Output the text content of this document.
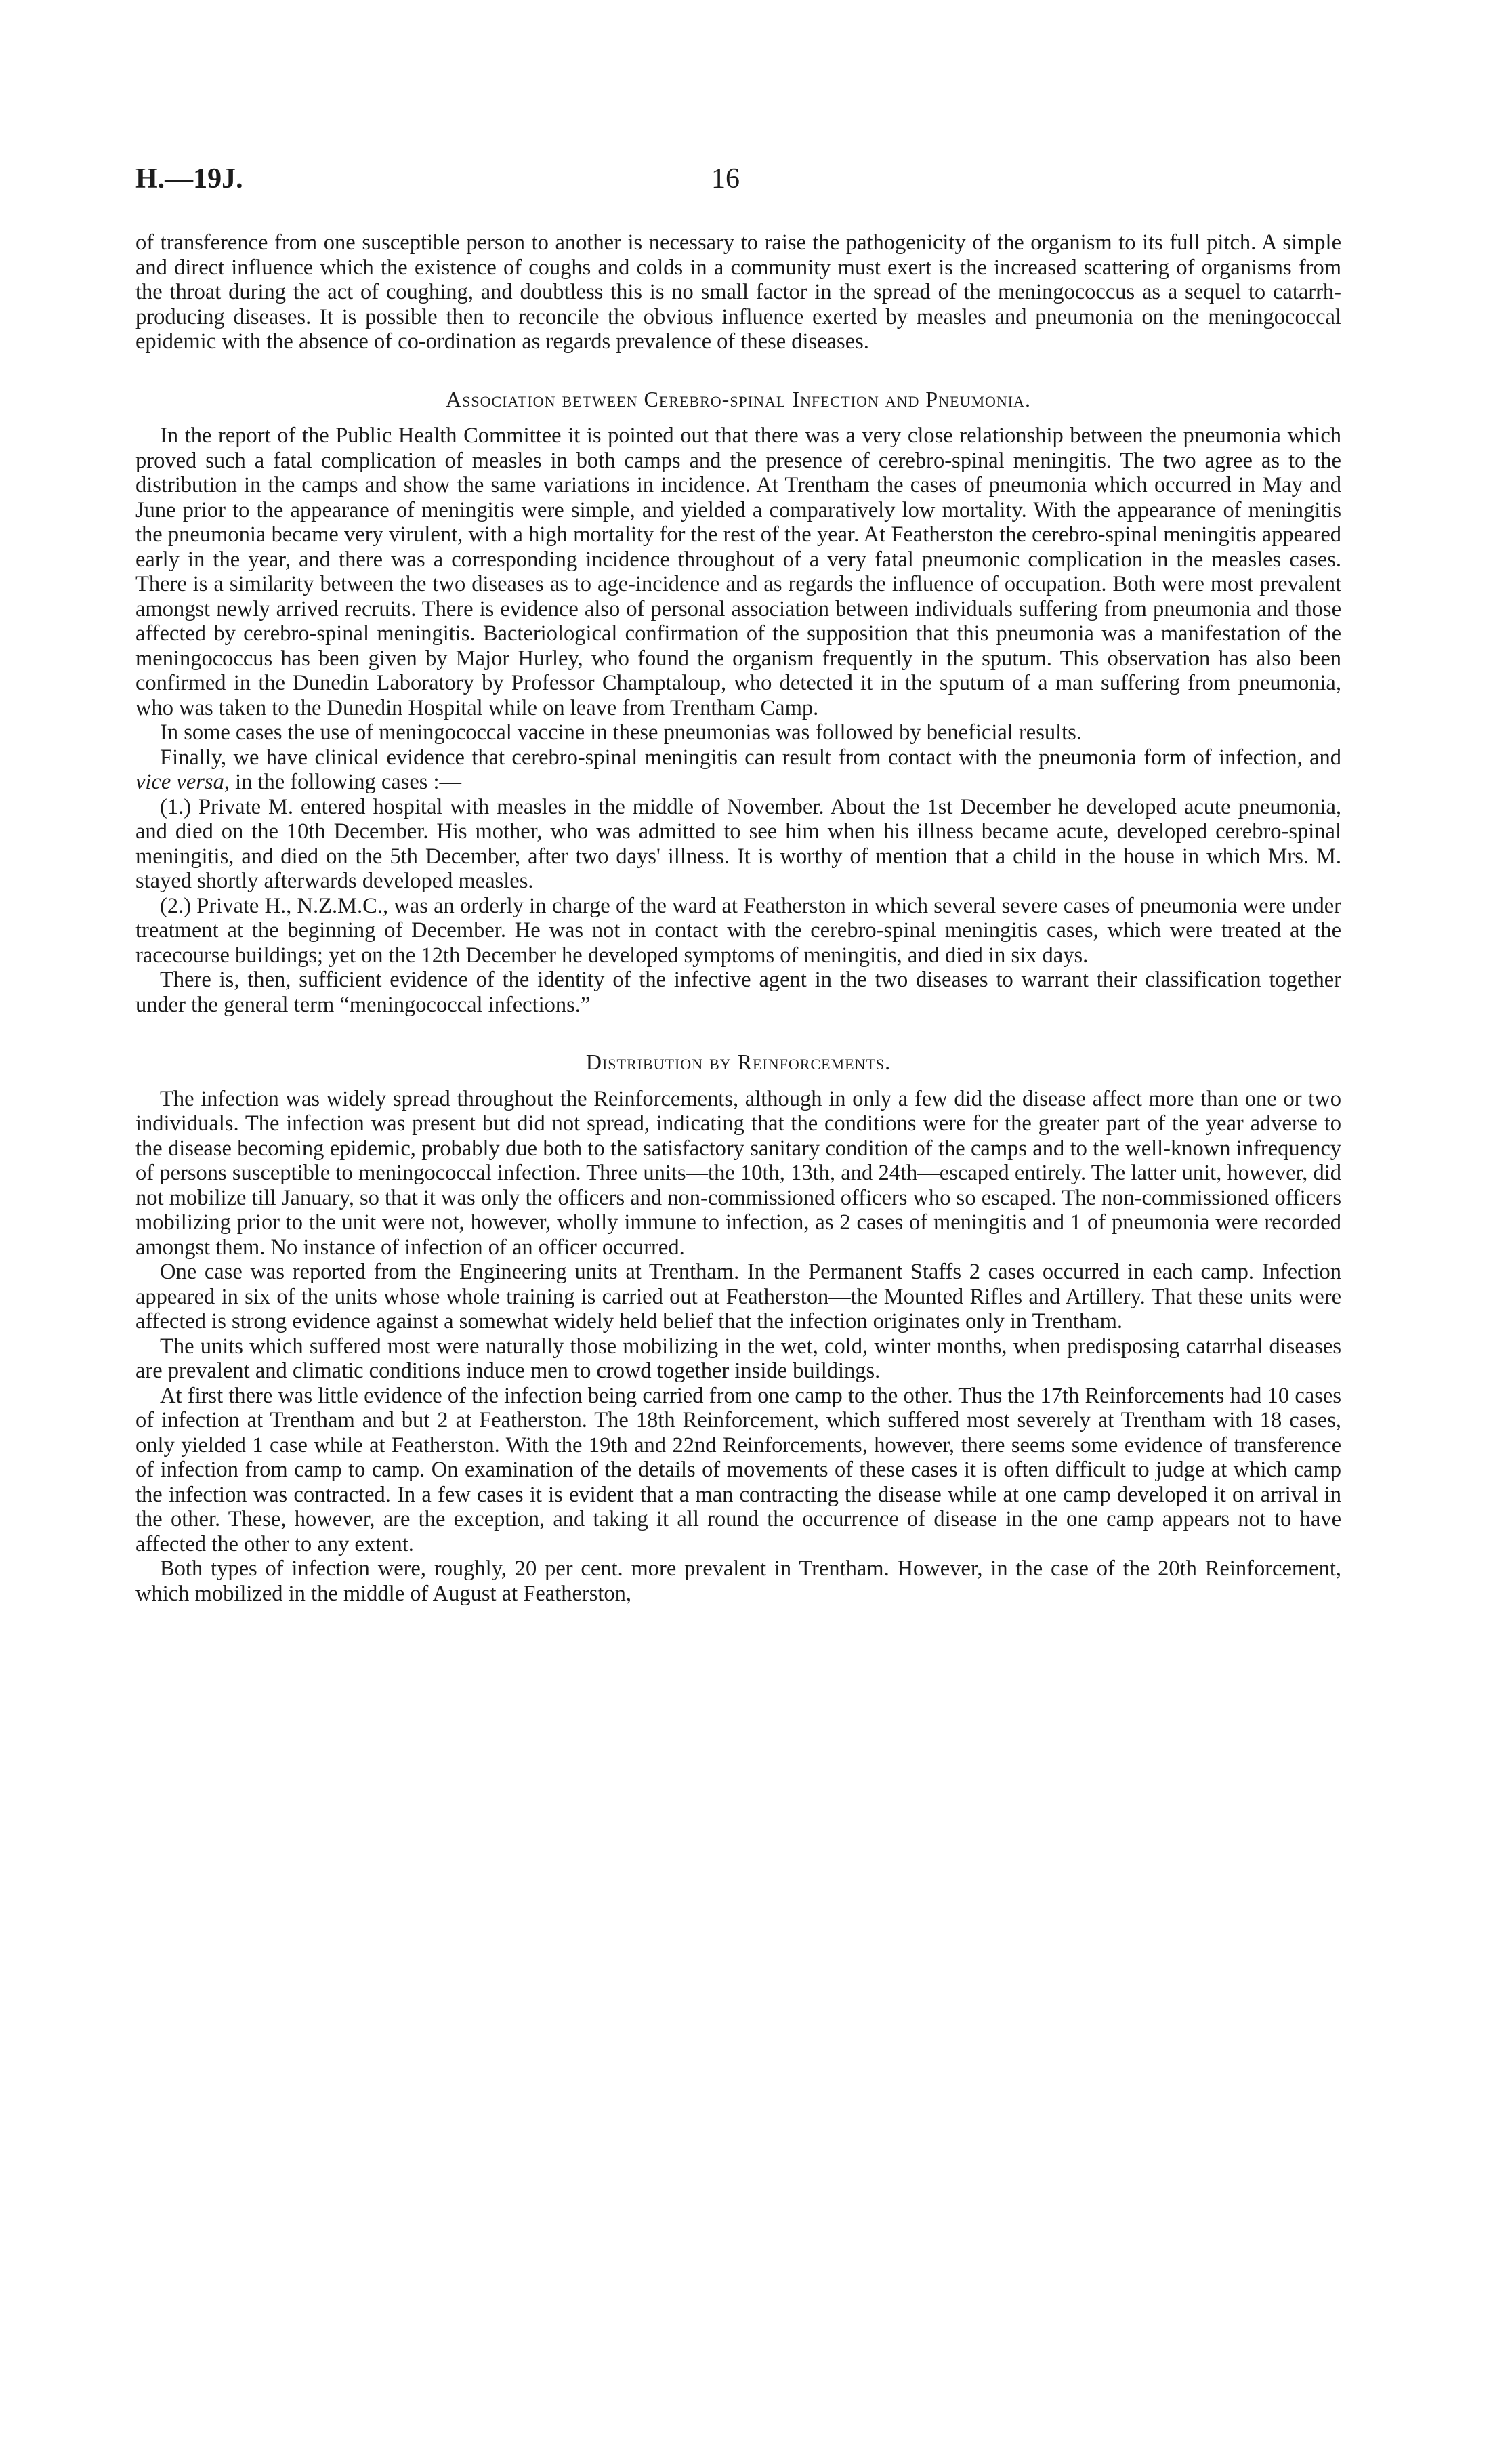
H.—19J.	16

of transference from one susceptible person to another is necessary to raise the pathogenicity of the organism to its full pitch. A simple and direct influence which the existence of coughs and colds in a community must exert is the increased scattering of organisms from the throat during the act of coughing, and doubtless this is no small factor in the spread of the meningococcus as a sequel to catarrh-producing diseases. It is possible then to reconcile the obvious influence exerted by measles and pneumonia on the meningococcal epidemic with the absence of co-ordination as regards prevalence of these diseases.

Association between Cerebro-spinal Infection and Pneumonia.

In the report of the Public Health Committee it is pointed out that there was a very close relationship between the pneumonia which proved such a fatal complication of measles in both camps and the presence of cerebro-spinal meningitis. The two agree as to the distribution in the camps and show the same variations in incidence. At Trentham the cases of pneumonia which occurred in May and June prior to the appearance of meningitis were simple, and yielded a comparatively low mortality. With the appearance of meningitis the pneumonia became very virulent, with a high mortality for the rest of the year. At Featherston the cerebro-spinal meningitis appeared early in the year, and there was a corresponding incidence throughout of a very fatal pneumonic complication in the measles cases. There is a similarity between the two diseases as to age-incidence and as regards the influence of occupation. Both were most prevalent amongst newly arrived recruits. There is evidence also of personal association between individuals suffering from pneumonia and those affected by cerebro-spinal meningitis. Bacteriological confirmation of the supposition that this pneumonia was a manifestation of the meningococcus has been given by Major Hurley, who found the organism frequently in the sputum. This observation has also been confirmed in the Dunedin Laboratory by Professor Champtaloup, who detected it in the sputum of a man suffering from pneumonia, who was taken to the Dunedin Hospital while on leave from Trentham Camp.

In some cases the use of meningococcal vaccine in these pneumonias was followed by beneficial results.

Finally, we have clinical evidence that cerebro-spinal meningitis can result from contact with the pneumonia form of infection, and vice versa, in the following cases :—

(1.) Private M. entered hospital with measles in the middle of November. About the 1st December he developed acute pneumonia, and died on the 10th December. His mother, who was admitted to see him when his illness became acute, developed cerebro-spinal meningitis, and died on the 5th December, after two days' illness. It is worthy of mention that a child in the house in which Mrs. M. stayed shortly afterwards developed measles.

(2.) Private H., N.Z.M.C., was an orderly in charge of the ward at Featherston in which several severe cases of pneumonia were under treatment at the beginning of December. He was not in contact with the cerebro-spinal meningitis cases, which were treated at the racecourse buildings; yet on the 12th December he developed symptoms of meningitis, and died in six days.

There is, then, sufficient evidence of the identity of the infective agent in the two diseases to warrant their classification together under the general term “meningococcal infections.”

Distribution by Reinforcements.

The infection was widely spread throughout the Reinforcements, although in only a few did the disease affect more than one or two individuals. The infection was present but did not spread, indicating that the conditions were for the greater part of the year adverse to the disease becoming epidemic, probably due both to the satisfactory sanitary condition of the camps and to the well-known infrequency of persons susceptible to meningococcal infection. Three units—the 10th, 13th, and 24th—escaped entirely. The latter unit, however, did not mobilize till January, so that it was only the officers and non-commissioned officers who so escaped. The non-commissioned officers mobilizing prior to the unit were not, however, wholly immune to infection, as 2 cases of meningitis and 1 of pneumonia were recorded amongst them. No instance of infection of an officer occurred.

One case was reported from the Engineering units at Trentham. In the Permanent Staffs 2 cases occurred in each camp. Infection appeared in six of the units whose whole training is carried out at Featherston—the Mounted Rifles and Artillery. That these units were affected is strong evidence against a somewhat widely held belief that the infection originates only in Trentham.

The units which suffered most were naturally those mobilizing in the wet, cold, winter months, when predisposing catarrhal diseases are prevalent and climatic conditions induce men to crowd together inside buildings.

At first there was little evidence of the infection being carried from one camp to the other. Thus the 17th Reinforcements had 10 cases of infection at Trentham and but 2 at Featherston. The 18th Reinforcement, which suffered most severely at Trentham with 18 cases, only yielded 1 case while at Featherston. With the 19th and 22nd Reinforcements, however, there seems some evidence of transference of infection from camp to camp. On examination of the details of movements of these cases it is often difficult to judge at which camp the infection was contracted. In a few cases it is evident that a man contracting the disease while at one camp developed it on arrival in the other. These, however, are the exception, and taking it all round the occurrence of disease in the one camp appears not to have affected the other to any extent.

Both types of infection were, roughly, 20 per cent. more prevalent in Trentham. However, in the case of the 20th Reinforcement, which mobilized in the middle of August at Featherston,
